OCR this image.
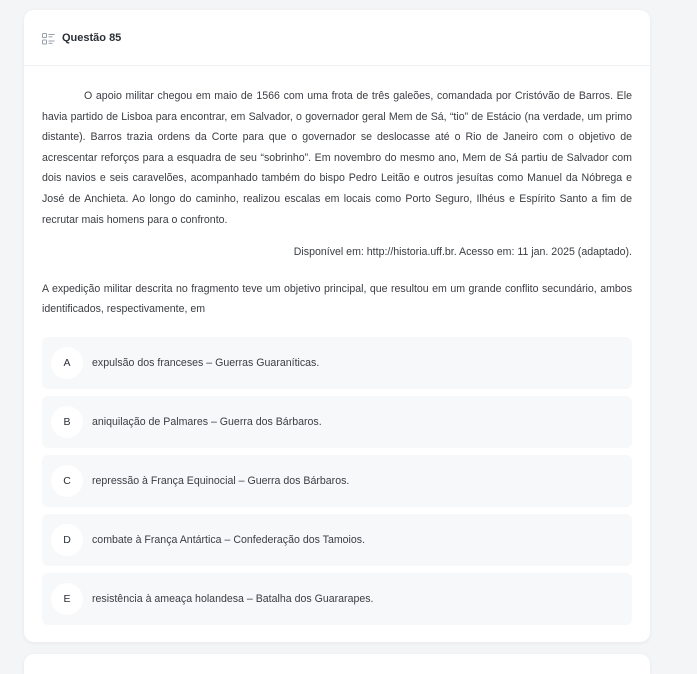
Questão 85

O apoio militar chegou em maio de 1566 com uma frota de três galeões, comandada por Cristóvão de Barros. Ele havia partido de Lisboa para encontrar, em Salvador, o governador geral Mem de Sá, “tio” de Estácio (na verdade, um primo distante). Barros trazia ordens da Corte para que o governador se deslocasse até o Rio de Janeiro com o objetivo de acrescentar reforços para a esquadra de seu “sobrinho”. Em novembro do mesmo ano, Mem de Sá partiu de Salvador com dois navios e seis caravelões, acompanhado também do bispo Pedro Leitão e outros jesuítas como Manuel da Nóbrega e José de Anchieta. Ao longo do caminho, realizou escalas em locais como Porto Seguro, Ilhéus e Espírito Santo a fim de recrutar mais homens para o confronto.

Disponível em: http://historia.uff.br. Acesso em: 11 jan. 2025 (adaptado).

A expedição militar descrita no fragmento teve um objetivo principal, que resultou em um grande conflito secundário, ambos identificados, respectivamente, em

A	expulsão dos franceses – Guerras Guaraníticas.
B	aniquilação de Palmares – Guerra dos Bárbaros.
C	repressão à França Equinocial – Guerra dos Bárbaros.
D	combate à França Antártica – Confederação dos Tamoios.
E	resistência à ameaça holandesa – Batalha dos Guararapes.
